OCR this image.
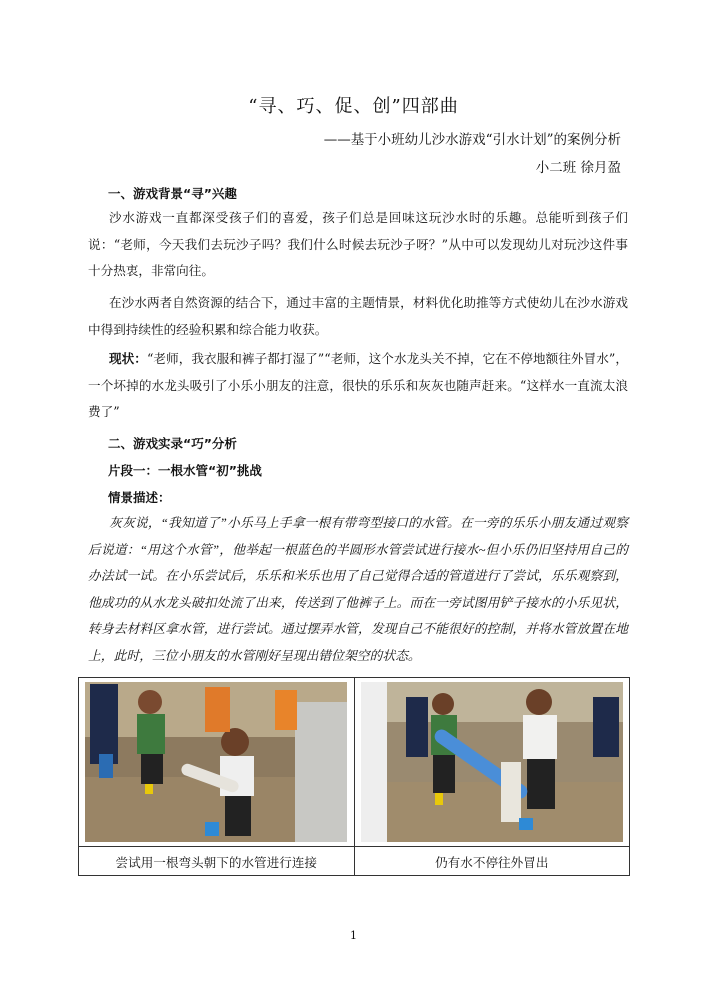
“寻、巧、促、创”四部曲
——基于小班幼儿沙水游戏“引水计划”的案例分析
小二班 徐月盈
一、游戏背景“寻”兴趣
沙水游戏一直都深受孩子们的喜爱，孩子们总是回味这玩沙水时的乐趣。总能听到孩子们说：“老师，今天我们去玩沙子吗？我们什么时候去玩沙子呀？”从中可以发现幼儿对玩沙这件事十分热衷，非常向往。
在沙水两者自然资源的结合下，通过丰富的主题情景，材料优化助推等方式使幼儿在沙水游戏中得到持续性的经验积累和综合能力收获。
现状：“老师，我衣服和裤子都打湿了”“老师，这个水龙头关不掉，它在不停地额往外冒水”，一个坏掉的水龙头吸引了小乐小朋友的注意，很快的乐乐和灰灰也随声赶来。“这样水一直流太浪费了”
二、游戏实录“巧”分析
片段一：一根水管“初”挑战
情景描述：
灰灰说，“我知道了”小乐马上手拿一根有带弯型接口的水管。在一旁的乐乐小朋友通过观察后说道：“用这个水管”，他举起一根蓝色的半圆形水管尝试进行接水~但小乐仍旧坚持用自己的办法试一试。在小乐尝试后，乐乐和米乐也用了自己觉得合适的管道进行了尝试，乐乐观察到，他成功的从水龙头破扣处流了出来，传送到了他裤子上。而在一旁试图用铲子接水的小乐见状，转身去材料区拿水管，进行尝试。通过摆弄水管，发现自己不能很好的控制，并将水管放置在地上，此时，三位小朋友的水管刚好呈现出错位架空的状态。

尝试用一根弯头朝下的水管进行连接	仍有水不停往外冒出
1
